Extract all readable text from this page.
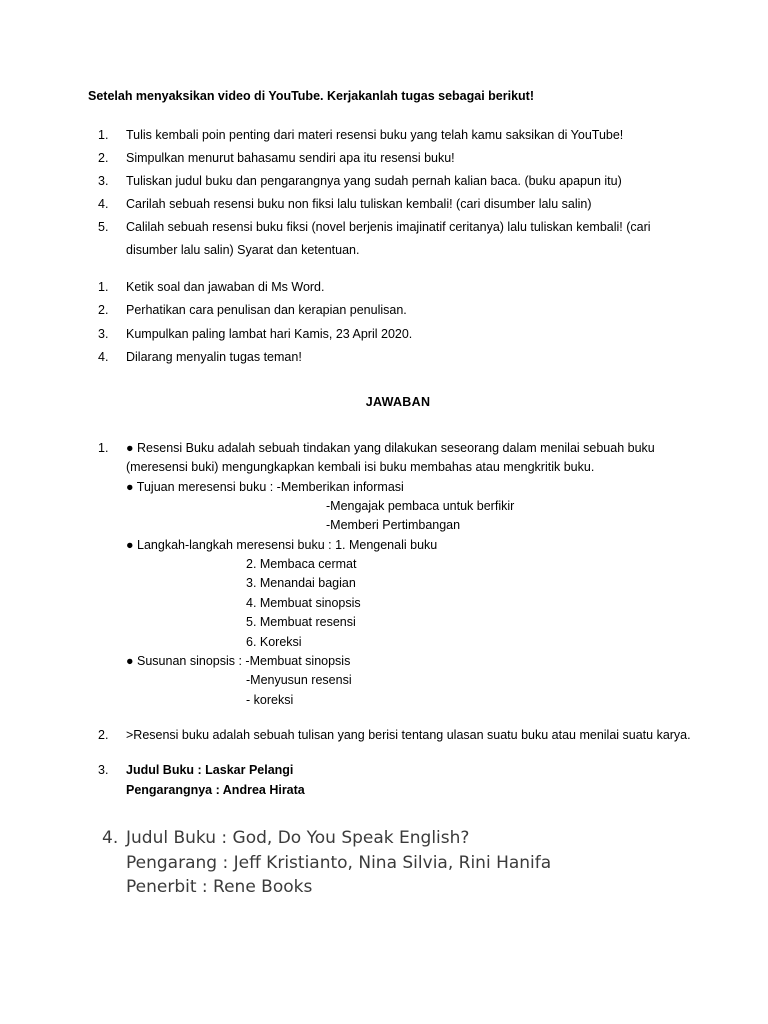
Setelah menyaksikan video di YouTube. Kerjakanlah tugas sebagai berikut!

1.	Tulis kembali poin penting dari materi resensi buku yang telah kamu saksikan di YouTube!
2.	Simpulkan menurut bahasamu sendiri apa itu resensi buku!
3.	Tuliskan judul buku dan pengarangnya yang sudah pernah kalian baca. (buku apapun itu)
4.	Carilah sebuah resensi buku non fiksi lalu tuliskan kembali! (cari disumber lalu salin)
5.	Calilah sebuah resensi buku fiksi (novel berjenis imajinatif ceritanya) lalu tuliskan kembali! (cari disumber lalu salin) Syarat dan ketentuan.
1.	Ketik soal dan jawaban di Ms Word.
2.	Perhatikan cara penulisan dan kerapian penulisan.
3.	Kumpulkan paling lambat hari Kamis, 23 April 2020.
4.	Dilarang menyalin tugas teman!

JAWABAN

1. ● Resensi Buku adalah sebuah tindakan yang dilakukan seseorang dalam menilai sebuah buku (meresensi buki) mengungkapkan kembali isi buku membahas atau mengkritik buku.

● Tujuan meresensi buku : -Memberikan informasi

-Mengajak pembaca untuk berfikir

-Memberi Pertimbangan

● Langkah-langkah meresensi buku : 1. Mengenali buku

2. Membaca cermat

3. Menandai bagian

4. Membuat sinopsis

5. Membuat resensi

6. Koreksi

● Susunan sinopsis : -Membuat sinopsis

-Menyusun resensi

- koreksi

2. >Resensi buku adalah sebuah tulisan yang berisi tentang ulasan suatu buku atau menilai suatu karya.

3. Judul Buku : Laskar Pelangi

Pengarangnya : Andrea Hirata

4. Judul Buku : God, Do You Speak English?
Pengarang : Jeff Kristianto, Nina Silvia, Rini Hanifa
Penerbit : Rene Books
